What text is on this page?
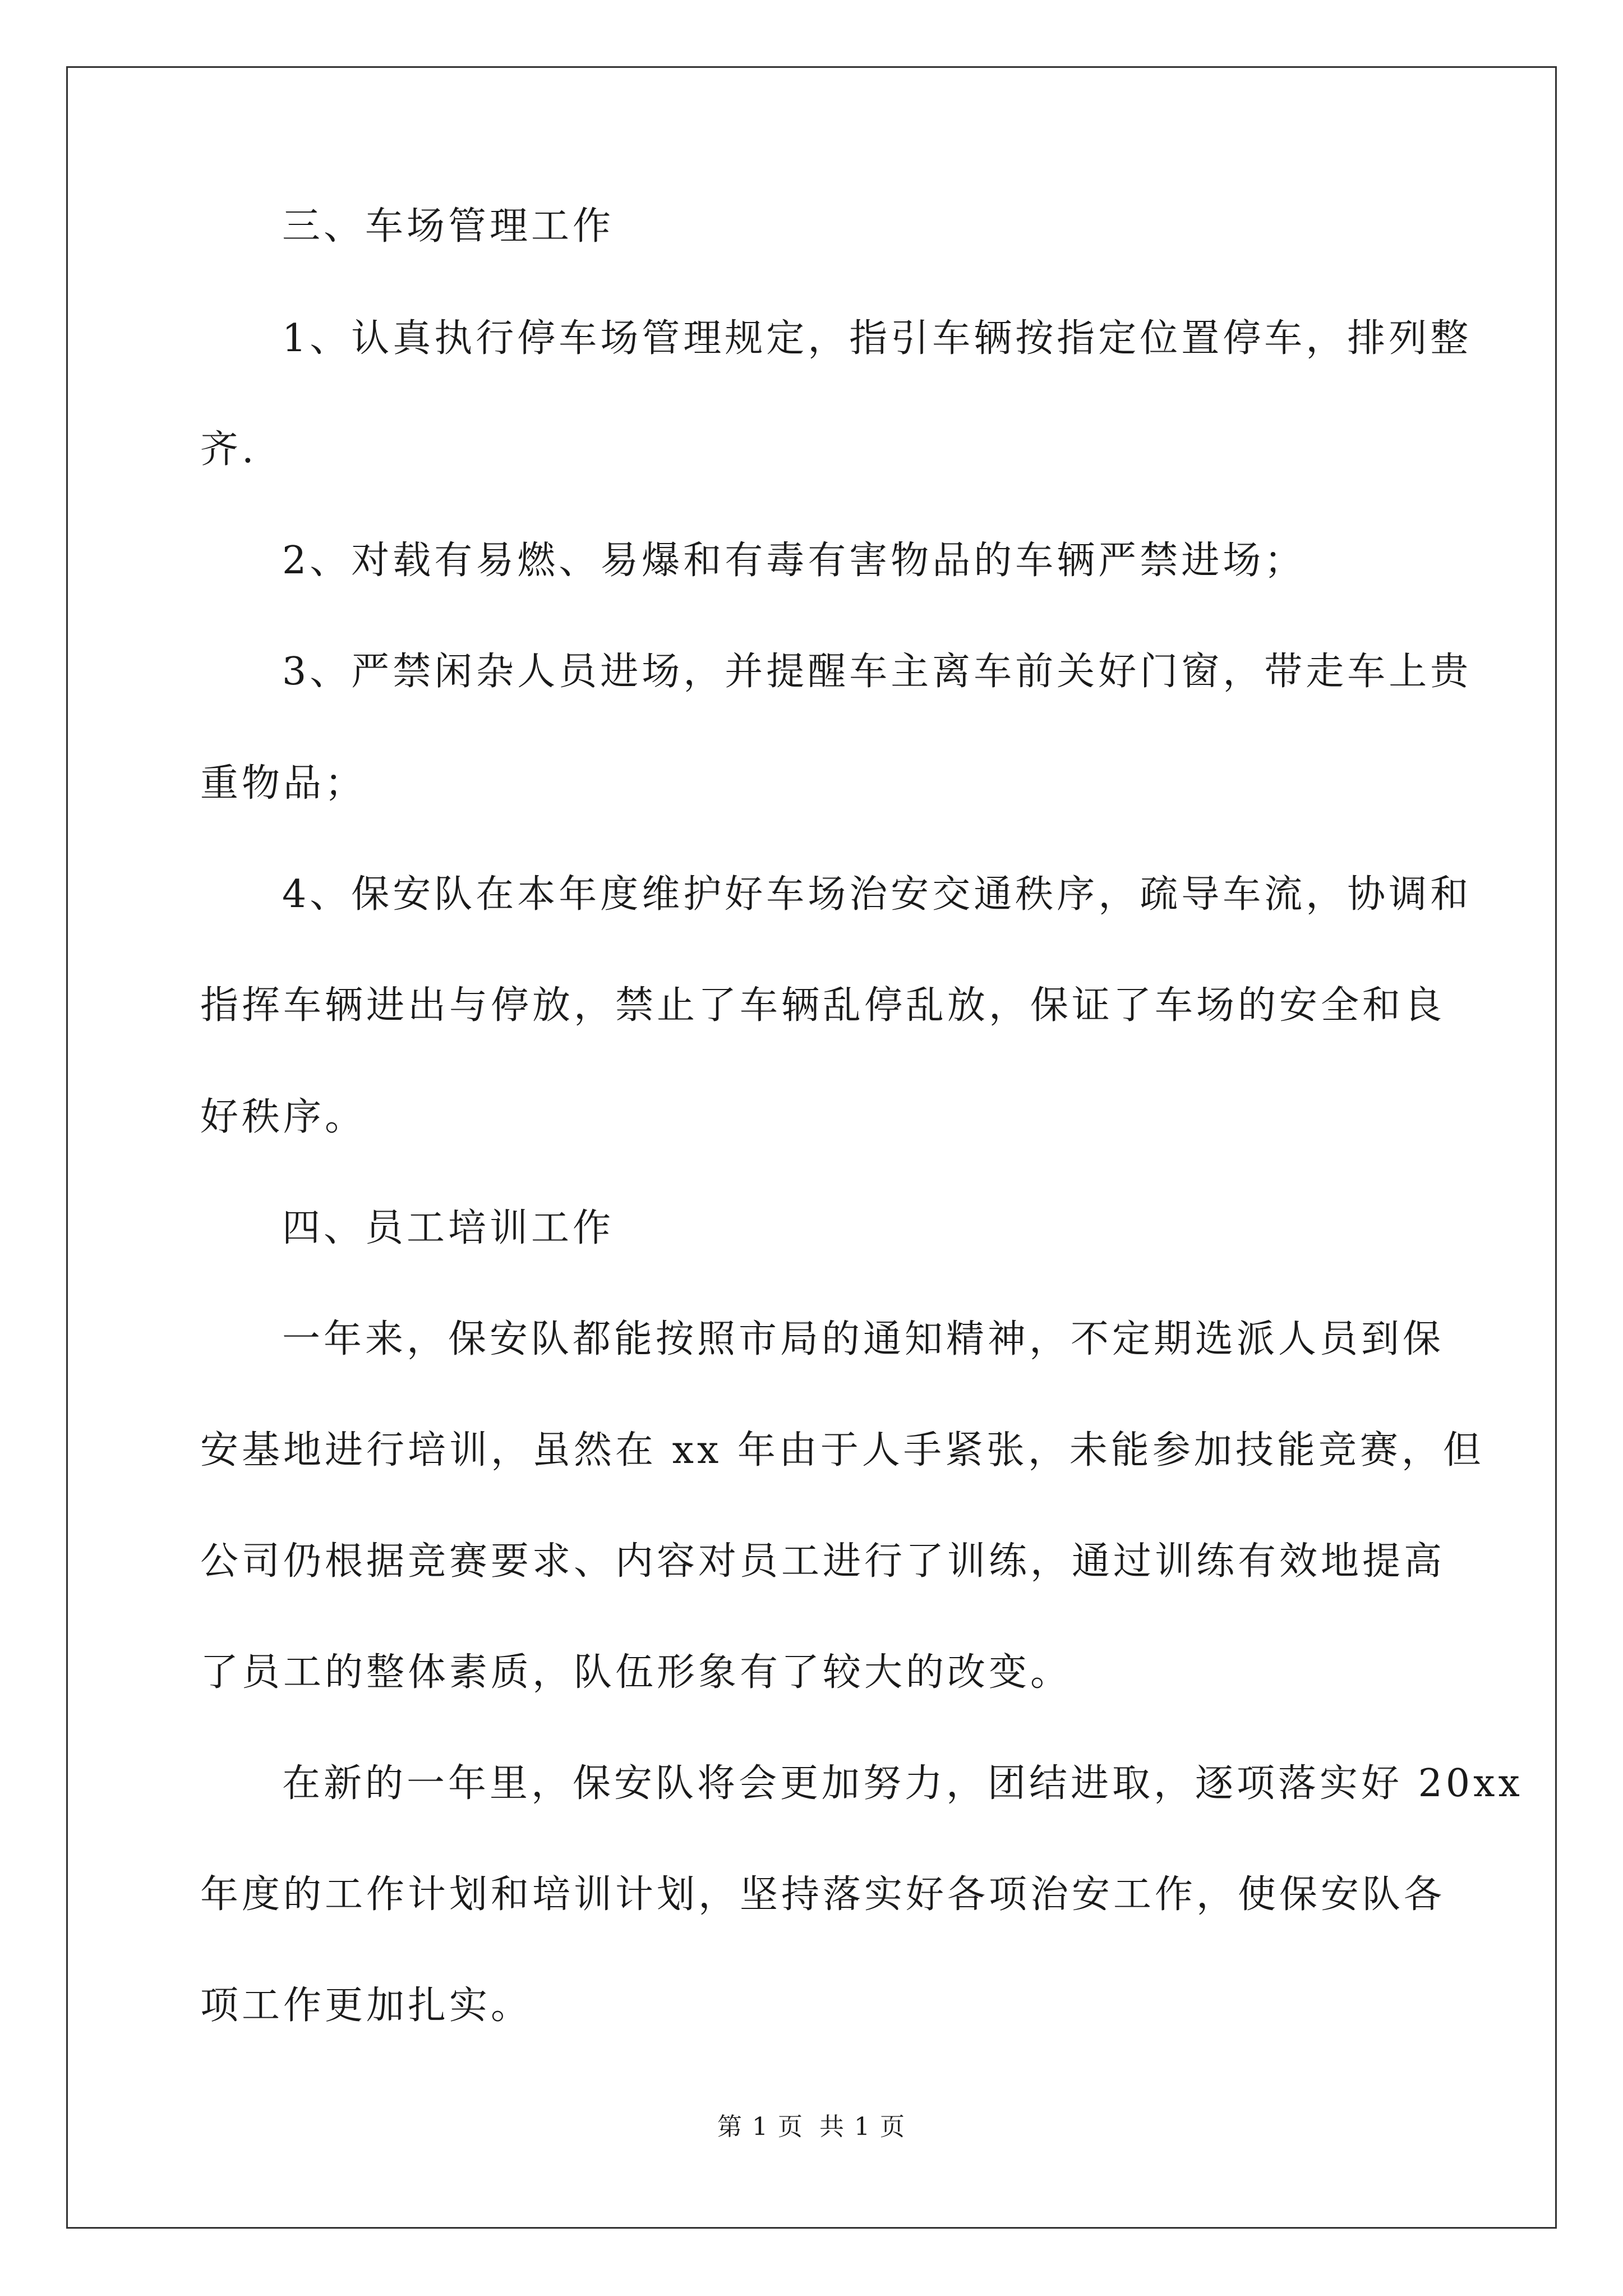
三、车场管理工作

1、认真执行停车场管理规定，指引车辆按指定位置停车，排列整

齐.

2、对载有易燃、易爆和有毒有害物品的车辆严禁进场；

3、严禁闲杂人员进场，并提醒车主离车前关好门窗，带走车上贵

重物品；

4、保安队在本年度维护好车场治安交通秩序，疏导车流，协调和

指挥车辆进出与停放，禁止了车辆乱停乱放，保证了车场的安全和良

好秩序。

四、员工培训工作

一年来，保安队都能按照市局的通知精神，不定期选派人员到保

安基地进行培训，虽然在 xx 年由于人手紧张，未能参加技能竞赛，但

公司仍根据竞赛要求、内容对员工进行了训练，通过训练有效地提高

了员工的整体素质，队伍形象有了较大的改变。

在新的一年里，保安队将会更加努力，团结进取，逐项落实好 20xx

年度的工作计划和培训计划，坚持落实好各项治安工作，使保安队各

项工作更加扎实。

第 1 页 共 1 页
